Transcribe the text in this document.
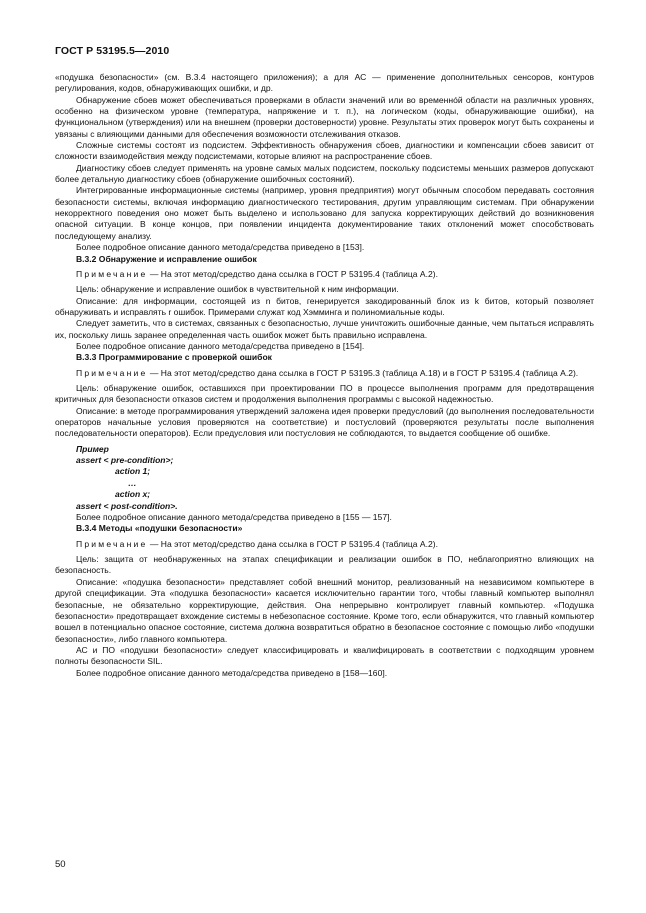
ГОСТ Р 53195.5—2010

«подушка безопасности» (см. В.3.4 настоящего приложения); а для АС — применение дополнительных сенсоров, контуров регулирования, кодов, обнаруживающих ошибки, и др.

Обнаружение сбоев может обеспечиваться проверками в области значений или во временнóй области на различных уровнях, особенно на физическом уровне (температура, напряжение и т. п.), на логическом (коды, обнаруживающие ошибки), на функциональном (утверждения) или на внешнем (проверки достоверности) уровне. Результаты этих проверок могут быть сохранены и увязаны с влияющими данными для обеспечения возможности отслеживания отказов.

Сложные системы состоят из подсистем. Эффективность обнаружения сбоев, диагностики и компенсации сбоев зависит от сложности взаимодействия между подсистемами, которые влияют на распространение сбоев.

Диагностику сбоев следует применять на уровне самых малых подсистем, поскольку подсистемы меньших размеров допускают более детальную диагностику сбоев (обнаружение ошибочных состояний).

Интегрированные информационные системы (например, уровня предприятия) могут обычным способом передавать состояния безопасности системы, включая информацию диагностического тестирования, другим управляющим системам. При обнаружении некорректного поведения оно может быть выделено и использовано для запуска корректирующих действий до возникновения опасной ситуации. В конце концов, при появлении инцидента документирование таких отклонений может способствовать последующему анализу.

Более подробное описание данного метода/средства приведено в [153].

В.3.2 Обнаружение и исправление ошибок

Примечание — На этот метод/средство дана ссылка в ГОСТ Р 53195.4 (таблица А.2).

Цель: обнаружение и исправление ошибок в чувствительной к ним информации.

Описание: для информации, состоящей из n битов, генерируется закодированный блок из k битов, который позволяет обнаруживать и исправлять r ошибок. Примерами служат код Хэмминга и полиномиальные коды.

Следует заметить, что в системах, связанных с безопасностью, лучше уничтожить ошибочные данные, чем пытаться исправлять их, поскольку лишь заранее определенная часть ошибок может быть правильно исправлена.

Более подробное описание данного метода/средства приведено в [154].

В.3.3 Программирование с проверкой ошибок

Примечание — На этот метод/средство дана ссылка в ГОСТ Р 53195.3 (таблица А.18) и в ГОСТ Р 53195.4 (таблица А.2).

Цель: обнаружение ошибок, оставшихся при проектировании ПО в процессе выполнения программ для предотвращения критичных для безопасности отказов систем и продолжения выполнения программы с высокой надежностью.

Описание: в методе программирования утверждений заложена идея проверки предусловий (до выполнения последовательности операторов начальные условия проверяются на соответствие) и постусловий (проверяются результаты после выполнения последовательности операторов). Если предусловия или постусловия не соблюдаются, то выдается сообщение об ошибке.

Пример
assert < pre-condition>;
action 1;
…
action x;
assert < post-condition>.

Более подробное описание данного метода/средства приведено в [155 — 157].

В.3.4 Методы «подушки безопасности»

Примечание — На этот метод/средство дана ссылка в ГОСТ Р 53195.4 (таблица А.2).

Цель: защита от необнаруженных на этапах спецификации и реализации ошибок в ПО, неблагоприятно влияющих на безопасность.

Описание: «подушка безопасности» представляет собой внешний монитор, реализованный на независимом компьютере в другой спецификации. Эта «подушка безопасности» касается исключительно гарантии того, чтобы главный компьютер выполнял безопасные, не обязательно корректирующие, действия. Она непрерывно контролирует главный компьютер. «Подушка безопасности» предотвращает вхождение системы в небезопасное состояние. Кроме того, если обнаружится, что главный компьютер вошел в потенциально опасное состояние, система должна возвратиться обратно в безопасное состояние с помощью либо «подушки безопасности», либо главного компьютера.

АС и ПО «подушки безопасности» следует классифицировать и квалифицировать в соответствии с подходящим уровнем полноты безопасности SIL.

Более подробное описание данного метода/средства приведено в [158—160].

50
